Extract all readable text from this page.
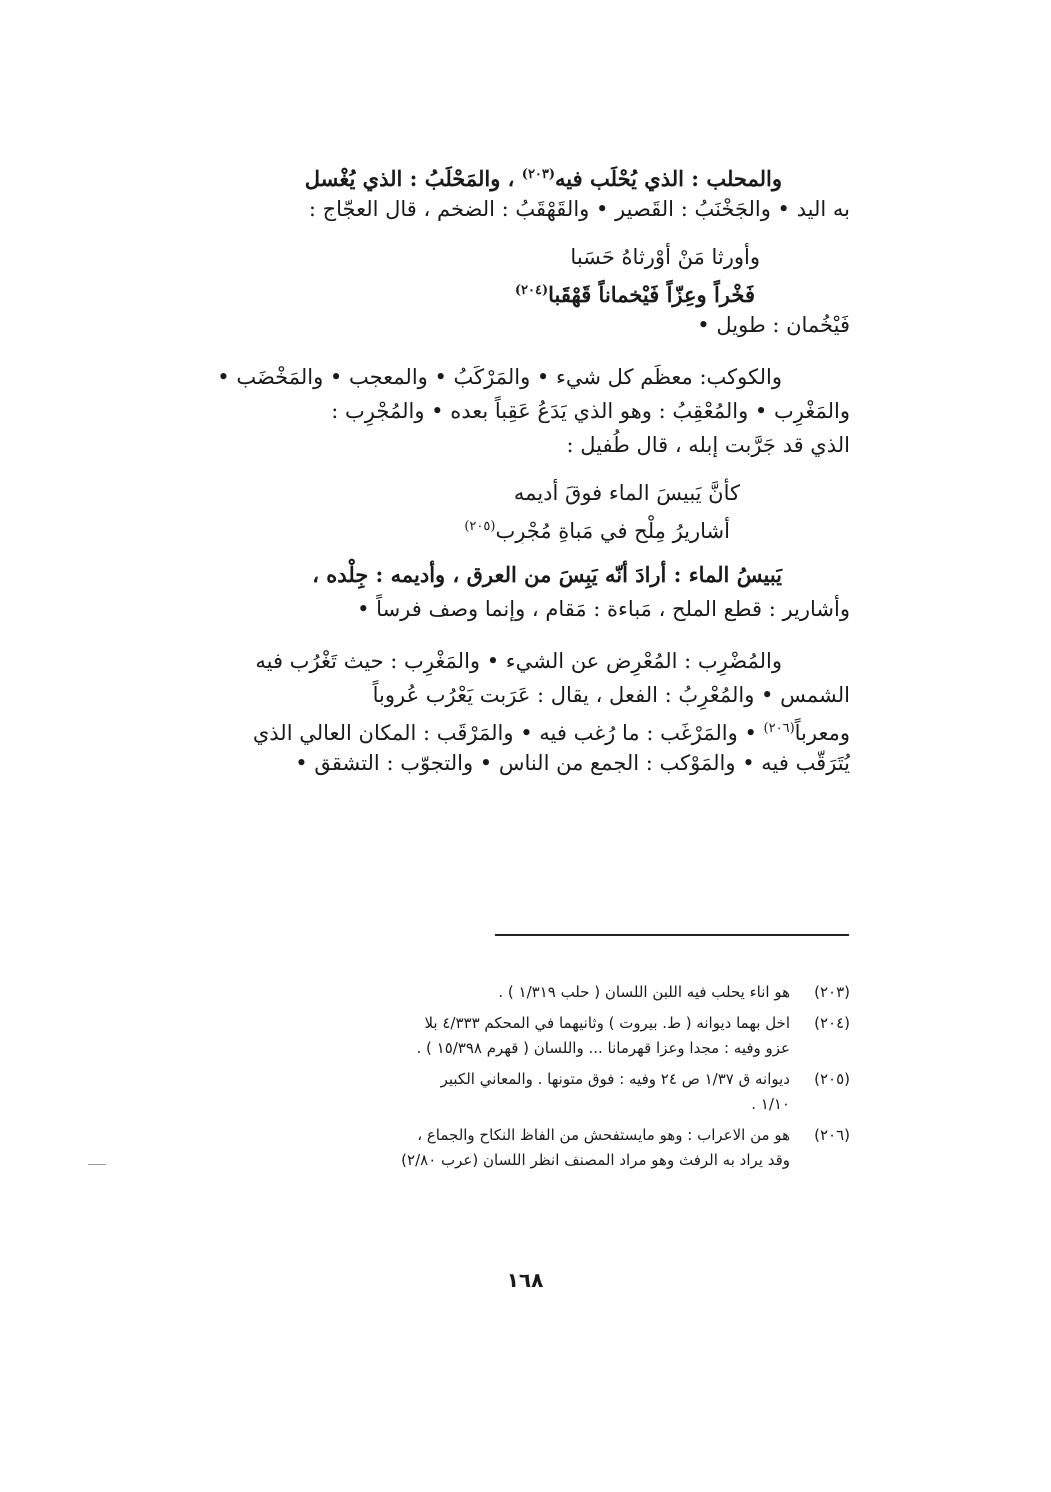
والمحلب : الذي يُحْلَب فيه$^{(٢٠٣)}$ ، والمَحْلَبُ : الذي يُغْسل
به اليد • والجَخْنَبُ : القَصير • والقَهْقَبُ : الضخم ، قال العجّاج :
وأورثا مَنْ أوْرثاهُ حَسَبا
فَخْراً وعِزّاً فَيْخماناً قَهْقَبا$^{(٢٠٤)}$
فَيْخُمان : طويل •
والكوكب: معظَم كل شيء • والمَرْكَبُ • والمعجب • والمَخْضَب •
والمَغْرِب • والمُعْقِبُ : وهو الذي يَدَعُ عَقِباً بعده • والمُجْرِب :
الذي قد جَرَّبت إبله ، قال طُفيل :
كأنَّ يَبيسَ الماء فوقَ أديمه
أشاريرُ مِلْحٍ في مَباةِ مُجْرِب$^{(٢٠٥)}$
يَبيسُ الماء : أرادَ أنّه يَبِسَ من العرق ، وأديمه : جِلْده ،
وأشارير : قطع الملح ، مَباءة : مَقام ، وإنما وصف فرساً •
والمُضْرِب : المُعْرِض عن الشيء • والمَغْرِب : حيث تَغْرُب فيه
الشمس • والمُعْرِبُ : الفعل ، يقال : عَرَبت يَعْرُب عُروباً
ومعرباً$^{(٢٠٦)}$ • والمَرْغَب : ما رُغب فيه • والمَرْقَب : المكان العالي الذي
يُتَرَقّب فيه • والمَوْكب : الجمع من الناس • والتجوّب : التشقق •
(٢٠٣)
هو اناء يحلب فيه اللبن اللسان ( حلب ١/٣١٩ ) .
(٢٠٤)
اخل بهما ديوانه ( ط. بيروت ) وثانيهما في المحكم ٤/٣٣٣ بلا
عزو وفيه : مجدا وعزا قهرمانا ... واللسان ( قهرم ١٥/٣٩٨ ) .
(٢٠٥)
ديوانه ق ١/٣٧ ص ٢٤ وفيه : فوق متونها . والمعاني الكبير
١/١٠ .
(٢٠٦)
هو من الاعراب : وهو مايستفحش من الفاظ النكاح والجماع ،
وقد يراد به الرفث وهو مراد المصنف انظر اللسان (عرب ٢/٨٠)
١٦٨
